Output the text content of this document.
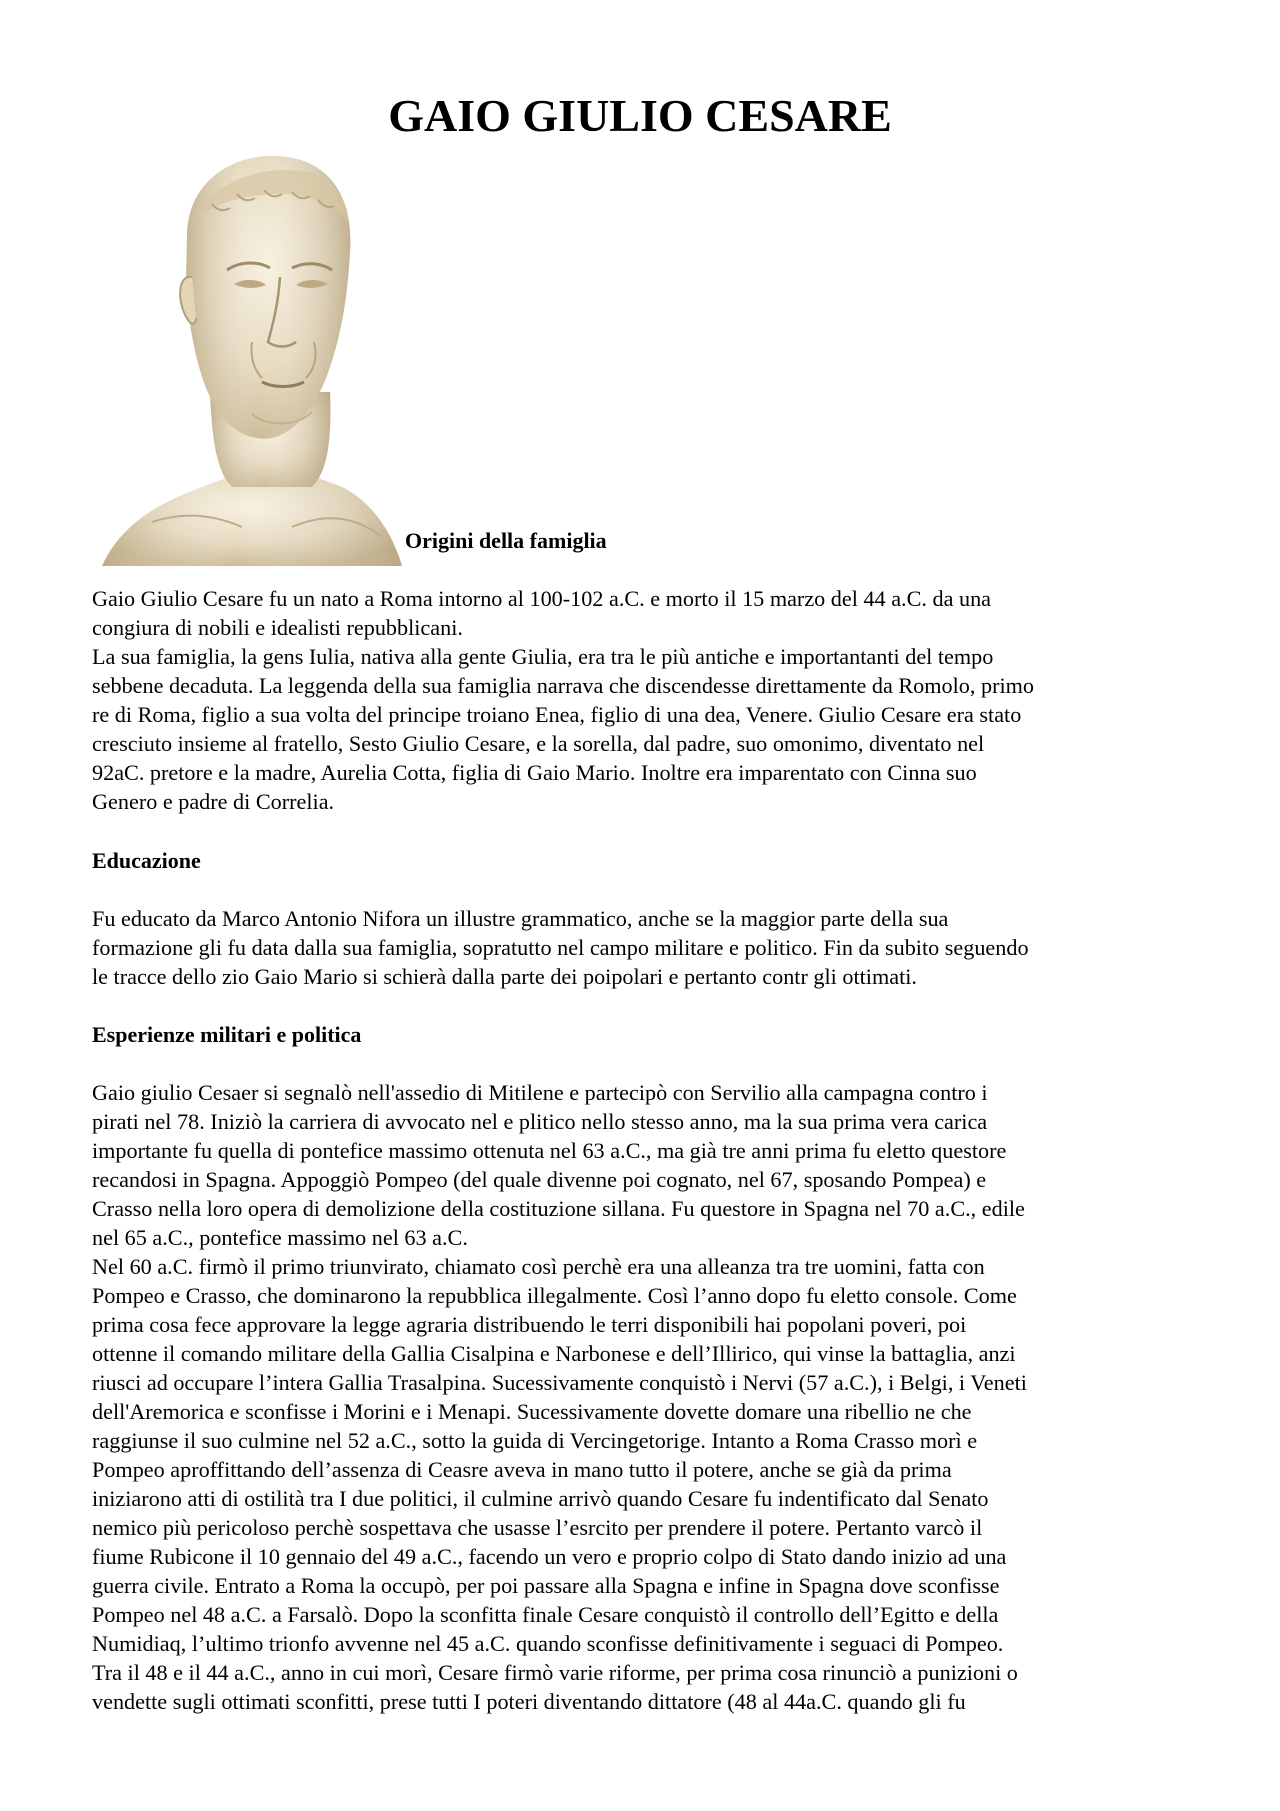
GAIO GIULIO CESARE
Origini della famiglia

Gaio Giulio Cesare fu un nato a Roma intorno al 100-102 a.C. e morto il 15 marzo del 44 a.C. da una
congiura di nobili e idealisti repubblicani.
La sua famiglia, la gens Iulia, nativa alla gente Giulia, era tra le più antiche e importantanti del tempo
sebbene decaduta. La leggenda della sua famiglia narrava che discendesse direttamente da Romolo, primo
re di Roma, figlio a sua volta del principe troiano Enea, figlio di una dea, Venere. Giulio Cesare era stato
cresciuto insieme al fratello, Sesto Giulio Cesare, e la sorella, dal padre, suo omonimo, diventato nel
92aC. pretore e la madre, Aurelia Cotta, figlia di Gaio Mario. Inoltre era imparentato con Cinna suo
Genero e padre di Correlia.

Educazione

Fu educato da Marco Antonio Nifora un illustre grammatico, anche se la maggior parte della sua
formazione gli fu data dalla sua famiglia, sopratutto nel campo militare e politico. Fin da subito seguendo
le tracce dello zio Gaio Mario si schierà dalla parte dei poipolari e pertanto contr gli ottimati.

Esperienze militari e politica

Gaio giulio Cesaer si segnalò nell'assedio di Mitilene e partecipò con Servilio alla campagna contro i
pirati nel 78. Iniziò la carriera di avvocato nel e plitico nello stesso anno, ma la sua prima vera carica
importante fu quella di pontefice massimo ottenuta nel 63 a.C., ma già tre anni prima fu eletto questore
recandosi in Spagna. Appoggiò Pompeo (del quale divenne poi cognato, nel 67, sposando Pompea) e
Crasso nella loro opera di demolizione della costituzione sillana. Fu questore in Spagna nel 70 a.C., edile
nel 65 a.C., pontefice massimo nel 63 a.C.
Nel 60 a.C. firmò il primo triunvirato, chiamato così perchè era una alleanza tra tre uomini, fatta con
Pompeo e Crasso, che dominarono la repubblica illegalmente. Così l’anno dopo fu eletto console. Come
prima cosa fece approvare la legge agraria distribuendo le terri disponibili hai popolani poveri, poi
ottenne il comando militare della Gallia Cisalpina e Narbonese e dell’Illirico, qui vinse la battaglia, anzi
riusci ad occupare l’intera Gallia Trasalpina. Sucessivamente conquistò i Nervi (57 a.C.), i Belgi, i Veneti
dell'Aremorica e sconfisse i Morini e i Menapi. Sucessivamente dovette domare una ribellio ne che
raggiunse il suo culmine nel 52 a.C., sotto la guida di Vercingetorige. Intanto a Roma Crasso morì e
Pompeo aproffittando dell’assenza di Ceasre aveva in mano tutto il potere, anche se già da prima
iniziarono atti di ostilità tra I due politici, il culmine arrivò quando Cesare fu indentificato dal Senato
nemico più pericoloso perchè sospettava che usasse l’esrcito per prendere il potere. Pertanto varcò il
fiume Rubicone il 10 gennaio del 49 a.C., facendo un vero e proprio colpo di Stato dando inizio ad una
guerra civile. Entrato a Roma la occupò, per poi passare alla Spagna e infine in Spagna dove sconfisse
Pompeo nel 48 a.C. a Farsalò. Dopo la sconfitta finale Cesare conquistò il controllo dell’Egitto e della
Numidiaq, l’ultimo trionfo avvenne nel 45 a.C. quando sconfisse definitivamente i seguaci di Pompeo.
Tra il 48 e il 44 a.C., anno in cui morì, Cesare firmò varie riforme, per prima cosa rinunciò a punizioni o
vendette sugli ottimati sconfitti, prese tutti I poteri diventando dittatore (48 al 44a.C. quando gli fu
